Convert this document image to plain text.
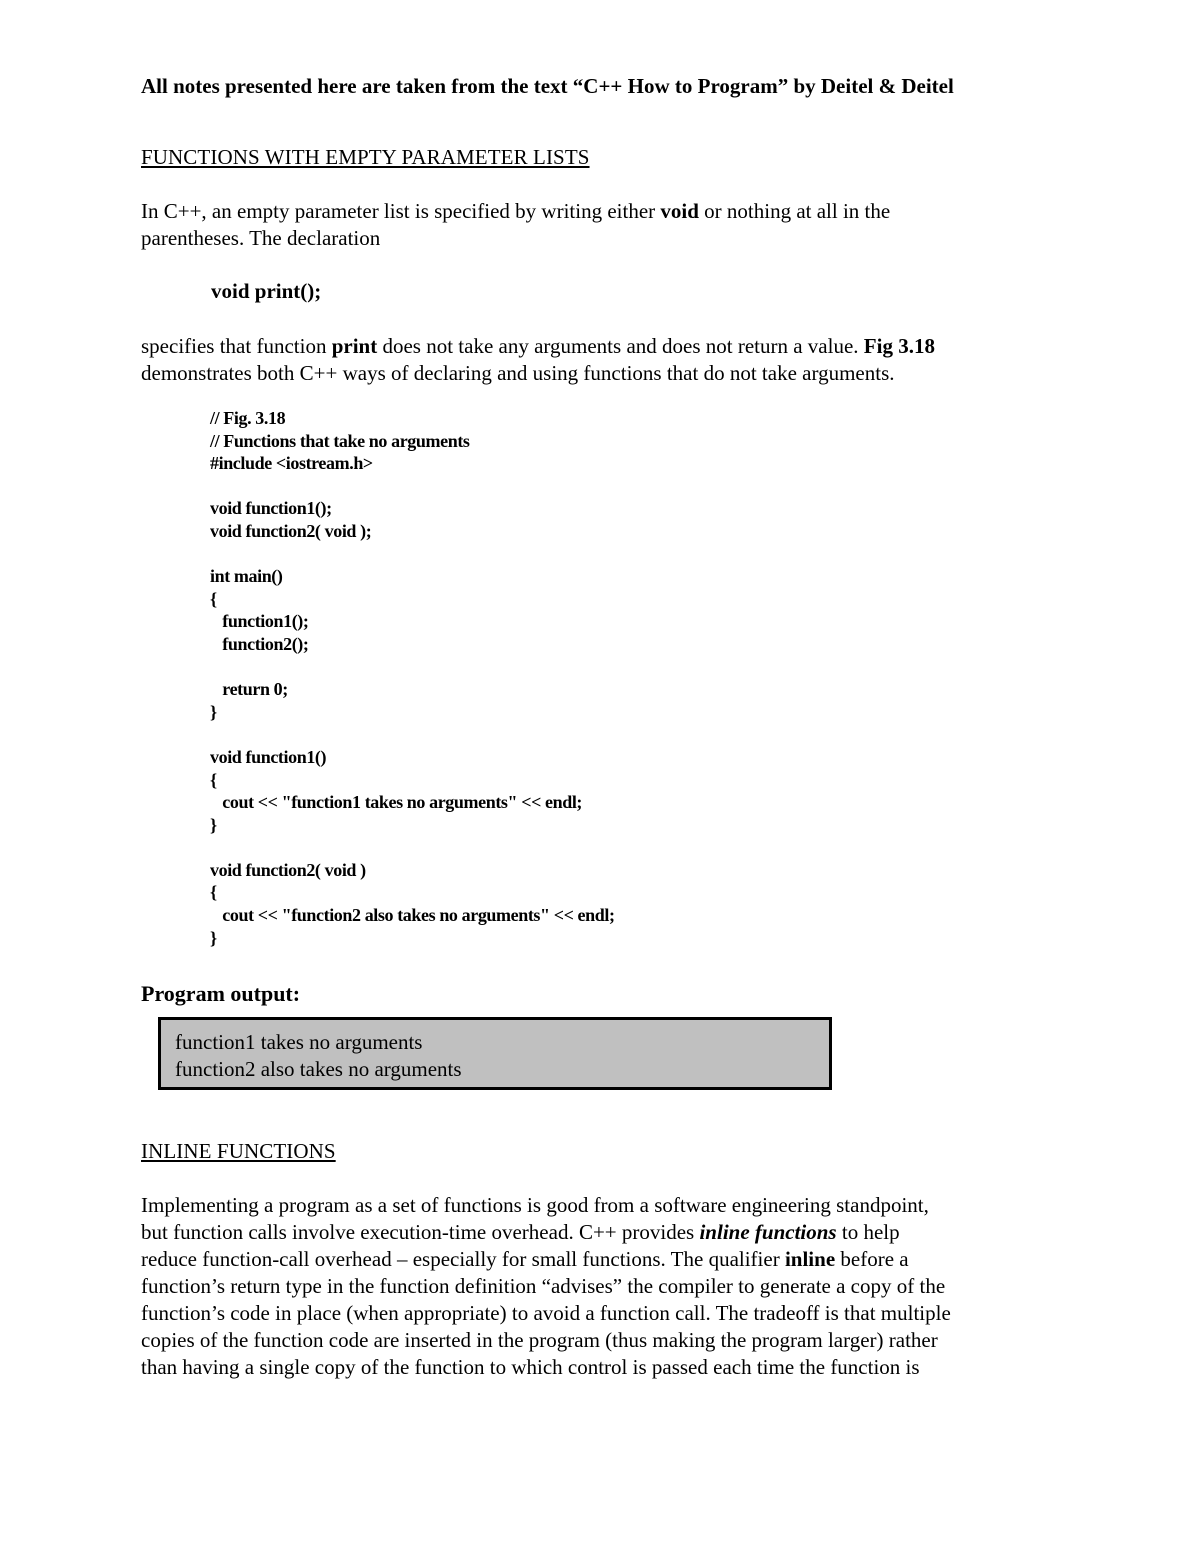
All notes presented here are taken from the text “C++ How to Program” by Deitel & Deitel

FUNCTIONS WITH EMPTY PARAMETER LISTS

In C++, an empty parameter list is specified by writing either void or nothing at all in the
parentheses. The declaration

void print();

specifies that function print does not take any arguments and does not return a value. Fig 3.18
demonstrates both C++ ways of declaring and using functions that do not take arguments.
// Fig. 3.18
// Functions that take no arguments
#include <iostream.h>
void function1();
void function2( void );
int main()
{
function1();
function2();
return 0;
}
void function1()
{
cout << "function1 takes no arguments" << endl;
}
void function2( void )
{
cout << "function2 also takes no arguments" << endl;
}

Program output:

function1 takes no arguments
function2 also takes no arguments

INLINE FUNCTIONS

Implementing a program as a set of functions is good from a software engineering standpoint,
but function calls involve execution-time overhead. C++ provides inline functions to help
reduce function-call overhead – especially for small functions. The qualifier inline before a
function’s return type in the function definition “advises” the compiler to generate a copy of the
function’s code in place (when appropriate) to avoid a function call. The tradeoff is that multiple
copies of the function code are inserted in the program (thus making the program larger) rather
than having a single copy of the function to which control is passed each time the function is
